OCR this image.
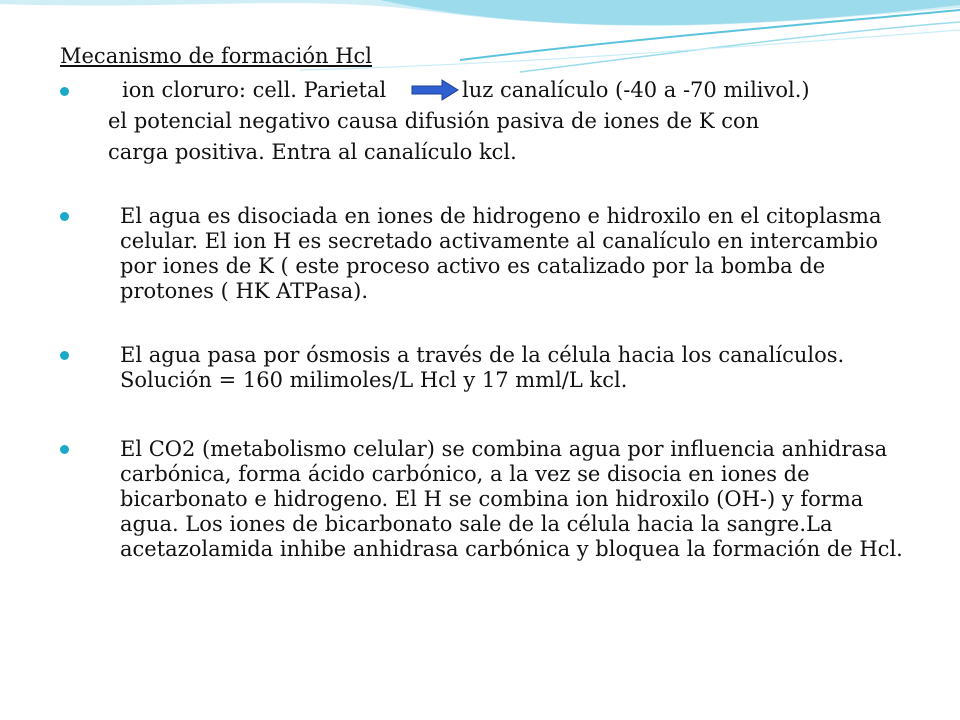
Mecanismo de formación Hcl
ion cloruro: cell. Parietal	luz canalículo (-40 a -70 milivol.)
el potencial negativo causa difusión pasiva de iones de K con
carga positiva. Entra al canalículo kcl.
El agua es disociada en iones de hidrogeno e hidroxilo en el citoplasma celular. El ion H es secretado activamente al canalículo en intercambio por iones de K ( este proceso activo es catalizado por la bomba de protones ( HK ATPasa).
El agua pasa por ósmosis a través de la célula hacia los canalículos. Solución = 160 milimoles/L Hcl y 17 mml/L kcl.
El CO2 (metabolismo celular) se combina agua por influencia anhidrasa carbónica, forma ácido carbónico, a la vez se disocia en iones de bicarbonato e hidrogeno. El H se combina ion hidroxilo (OH-) y forma agua. Los iones de bicarbonato sale de la célula hacia la sangre.La acetazolamida inhibe anhidrasa carbónica y bloquea la formación de Hcl.
